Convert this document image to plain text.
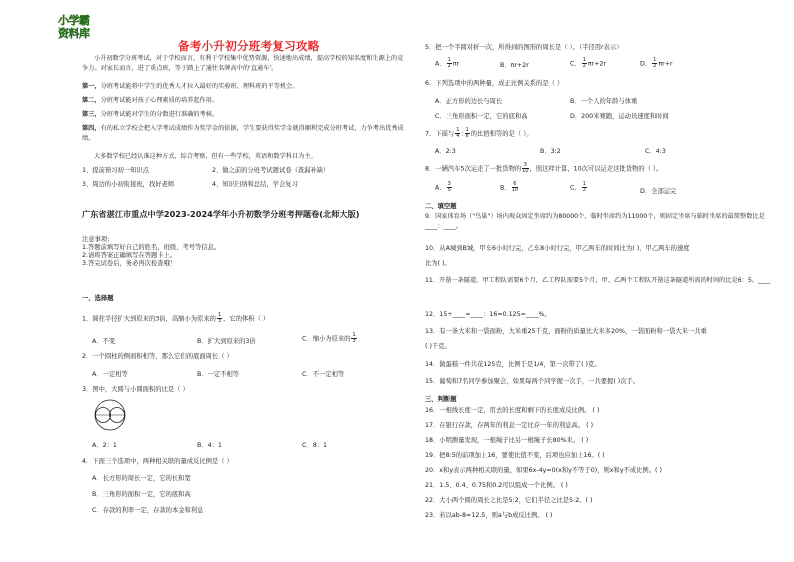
小学霸
资料库
备考小升初分班考复习攻略
小升初数学分班考试，对于学校而言，有利于学校集中优势资源，快速地出成绩，提高学校的知名度和生源上的竞争力。对家长而言，进了重点班，等于踏上了通往名牌高中的'直通车'。
第一，分班考试能将中学生的优秀人才拉入最好的实验班、理科班的平等机会。
第二，分班考试能对孩子心理素质的培养起作用。
第三，分班考试能对学生的分数进行准确的考核。
第四，有的私立学校会把入学考试成绩作为奖学金的依据，学生要获得奖学金就得顺利完成分班考试，力争考出优秀成绩。
大多数学校已经认准这种方式，综合考察，但有一些学校，英语和数学科目为主。
1、提前预习初一知识点	2、做之前的分班考试题试卷（查漏补缺）
3、周边的小初衔接班，找好老师	4、知识归纳和总结，学会复习
广东省湛江市重点中学2023-2024学年小升初数学分班考押题卷(北师大版)
注意事项:
1.答题前填写好自己的姓名、班级、考号等信息。
2.请将答案正确填写在答题卡上。
3.答完试卷后，务必再次检查哦！
一、选择题
1．圆柱半径扩大到原来的3倍，高缩小为原来的 $\frac{1}{3}$ ，它的体积（ ）
A．不变	B．扩大到原来的3倍	C．缩小为原来的 $\frac{1}{3}$
2．一个圆柱的侧面积相等，那么它们的底面周长（ ）
A．一定相等	B．一定不相等	C．不一定相等
3．图中，大圆与小圆面积的比是（ ）
A．2：1	B．4：1	C．8：1
4．下面三个选项中，两种相关联的量成反比例是（ ）
A．长方形的周长一定，它的长和宽
B．三角形的面积一定，它的底和高
C．存款的利率一定，存款的本金和利息
5．把一个半圆对折一次，所得到的图形的周长是（ ）。（半径用r表示）
A． $\frac{1}{2}$ πr	B．πr+2r	C． $\frac{1}{2} \pi r+2r$	D． $\frac{1}{2} \pi r+r$
6．下列选项中的两种量，成正比例关系的是（ ）
A．正方形的边长与周长	B．一个人的年龄与体重
C．三角形面积一定，它的底和高	D．200米赛跑，运动员速度和时间
7．下面与 $\frac{1}{4}$ : $\frac{1}{6}$ 的比值相等的是（ ）。
A．2:3	B．3:2	C．4:3
8．一辆汽车5次运走了一批货物的 $\frac{3}{10}$ ，照这样计算，10次可以运走这批货物的（ ）。
A． $\frac{3}{5}$	B． $\frac{6}{10}$	C． $\frac{1}{2}$	D．全部运完
二、填空题
9．国家体育场（"鸟巢"）场内观众固定坐席约为80000个，临时坐席约为11000个，则固定坐席与临时坐席的最简整数比是____：____。
10．从A城到B城，甲车6小时行完，乙车8小时行完，甲乙两车的时间比为( )，甲乙两车的速度
比为( )。
11．开凿一条隧道，甲工程队需要6个月，乙工程队需要5个月，甲、乙两个工程队开凿这条隧道所需的时间的比是6：5。____
12．15÷____=____：16=0.125=____%。
13．有一条大米和一袋面粉，大米重25千克，面粉的质量比大米多20%，一袋面粉和一袋大米一共重
( )千克。
14．做蛋糕一件共花125克，比例于是1/4，第一次带了( )克。
15．葡萄和7名同学参加聚会，如果每两个同学握一次手，一共要握( )次手。
三、判断题
16．一根线长度一定，用去的长度和剩下的长度成反比例。 ( )
17．在银行存款，存两年的利息一定比存一年的利息高。 ( )
18．小明测量发现，一根绳子比另一根绳子长80%米。 ( )
19．把8:5的前项加上16，要使比值不变，后项也应加上16。( )
20．x和y表示两种相关联的量，如果6x-4y=0(x和y不等于0)，则x和y不成比例。( )
21．1.5、0.4、0.75和0.2可以组成一个比例。 ( )
22．大小两个圆的周长之比是5:2，它们半径之比是5:2。( )
23．若以ab-8=12.5，则a与b成反比例。 ( )
